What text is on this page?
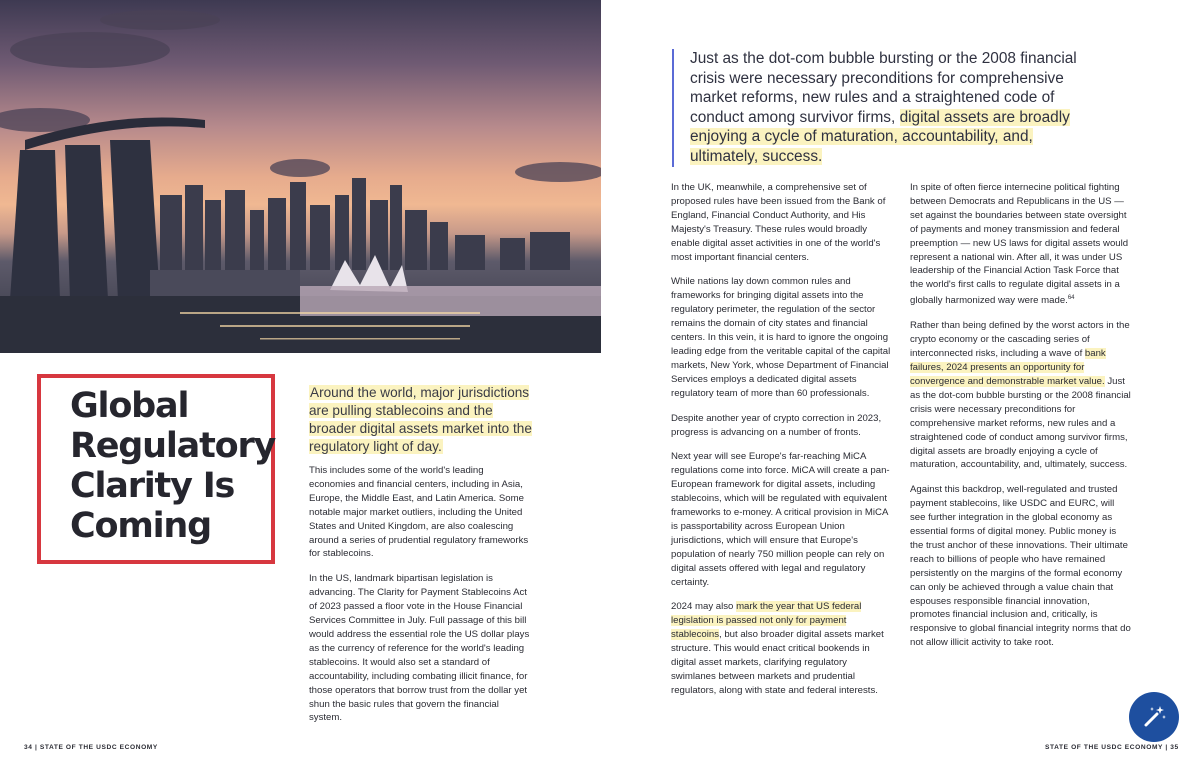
Global
Regulatory
Clarity Is
Coming
Around the world, major jurisdictions are pulling stablecoins and the broader digital assets market into the regulatory light of day.

This includes some of the world's leading economies and financial centers, including in Asia, Europe, the Middle East, and Latin America. Some notable major market outliers, including the United States and United Kingdom, are also coalescing around a series of prudential regulatory frameworks for stablecoins.

In the US, landmark bipartisan legislation is advancing. The Clarity for Payment Stablecoins Act of 2023 passed a floor vote in the House Financial Services Committee in July. Full passage of this bill would address the essential role the US dollar plays as the currency of reference for the world's leading stablecoins. It would also set a standard of accountability, including combating illicit finance, for those operators that borrow trust from the dollar yet shun the basic rules that govern the financial system.

34 | STATE OF THE USDC ECONOMY
Just as the dot-com bubble bursting or the 2008 financial crisis were necessary preconditions for comprehensive market reforms, new rules and a straightened code of conduct among survivor firms, digital assets are broadly enjoying a cycle of maturation, accountability, and, ultimately, success.

In the UK, meanwhile, a comprehensive set of proposed rules have been issued from the Bank of England, Financial Conduct Authority, and His Majesty's Treasury. These rules would broadly enable digital asset activities in one of the world's most important financial centers.

While nations lay down common rules and frameworks for bringing digital assets into the regulatory perimeter, the regulation of the sector remains the domain of city states and financial centers. In this vein, it is hard to ignore the ongoing leading edge from the veritable capital of the capital markets, New York, whose Department of Financial Services employs a dedicated digital assets regulatory team of more than 60 professionals.

Despite another year of crypto correction in 2023, progress is advancing on a number of fronts.

Next year will see Europe's far-reaching MiCA regulations come into force. MiCA will create a pan-European framework for digital assets, including stablecoins, which will be regulated with equivalent frameworks to e-money. A critical provision in MiCA is passportability across European Union jurisdictions, which will ensure that Europe's population of nearly 750 million people can rely on digital assets offered with legal and regulatory certainty.

2024 may also mark the year that US federal legislation is passed not only for payment stablecoins, but also broader digital assets market structure. This would enact critical bookends in digital asset markets, clarifying regulatory swimlanes between markets and prudential regulators, along with state and federal interests.

In spite of often fierce internecine political fighting between Democrats and Republicans in the US — set against the boundaries between state oversight of payments and money transmission and federal preemption — new US laws for digital assets would represent a national win. After all, it was under US leadership of the Financial Action Task Force that the world's first calls to regulate digital assets in a globally harmonized way were made.$^{64}$

Rather than being defined by the worst actors in the crypto economy or the cascading series of interconnected risks, including a wave of bank failures, 2024 presents an opportunity for convergence and demonstrable market value. Just as the dot-com bubble bursting or the 2008 financial crisis were necessary preconditions for comprehensive market reforms, new rules and a straightened code of conduct among survivor firms, digital assets are broadly enjoying a cycle of maturation, accountability, and, ultimately, success.

Against this backdrop, well-regulated and trusted payment stablecoins, like USDC and EURC, will see further integration in the global economy as essential forms of digital money. Public money is the trust anchor of these innovations. Their ultimate reach to billions of people who have remained persistently on the margins of the formal economy can only be achieved through a value chain that espouses responsible financial innovation, promotes financial inclusion and, critically, is responsive to global financial integrity norms that do not allow illicit activity to take root.

STATE OF THE USDC ECONOMY | 35
